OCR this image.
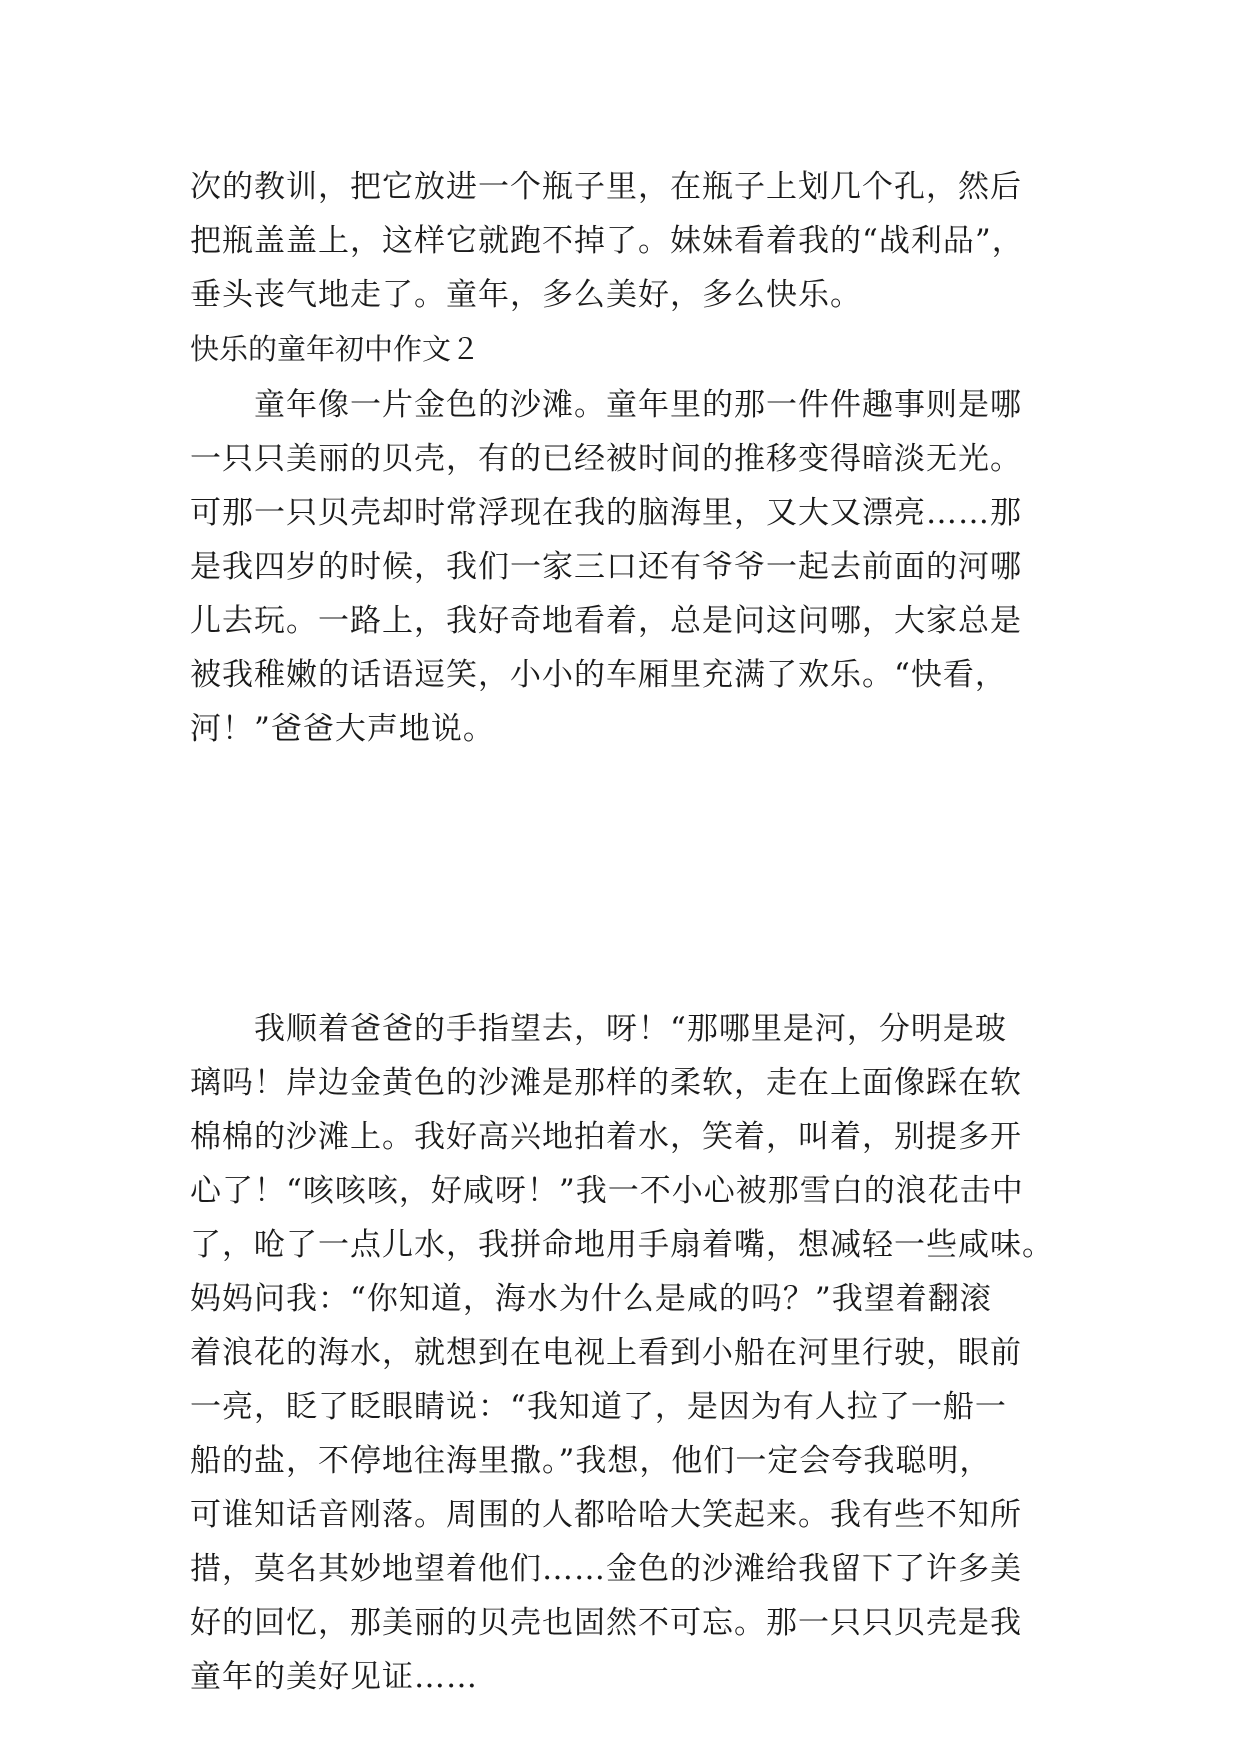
次的教训，把它放进一个瓶子里，在瓶子上划几个孔，然后
把瓶盖盖上，这样它就跑不掉了。妹妹看着我的“战利品”，
垂头丧气地走了。童年，多么美好，多么快乐。
快乐的童年初中作文２
童年像一片金色的沙滩。童年里的那一件件趣事则是哪
一只只美丽的贝壳，有的已经被时间的推移变得暗淡无光。
可那一只贝壳却时常浮现在我的脑海里，又大又漂亮……那
是我四岁的时候，我们一家三口还有爷爷一起去前面的河哪
儿去玩。一路上，我好奇地看着，总是问这问哪，大家总是
被我稚嫩的话语逗笑，小小的车厢里充满了欢乐。“快看，
河！”爸爸大声地说。
我顺着爸爸的手指望去，呀！“那哪里是河，分明是玻
璃吗！岸边金黄色的沙滩是那样的柔软，走在上面像踩在软
棉棉的沙滩上。我好高兴地拍着水，笑着，叫着，别提多开
心了！“咳咳咳，好咸呀！”我一不小心被那雪白的浪花击中
了，呛了一点儿水，我拼命地用手扇着嘴，想减轻一些咸味。
妈妈问我：“你知道，海水为什么是咸的吗？”我望着翻滚
着浪花的海水，就想到在电视上看到小船在河里行驶，眼前
一亮，眨了眨眼睛说：“我知道了，是因为有人拉了一船一
船的盐，不停地往海里撒。”我想，他们一定会夸我聪明，
可谁知话音刚落。周围的人都哈哈大笑起来。我有些不知所
措，莫名其妙地望着他们……金色的沙滩给我留下了许多美
好的回忆，那美丽的贝壳也固然不可忘。那一只只贝壳是我
童年的美好见证……
